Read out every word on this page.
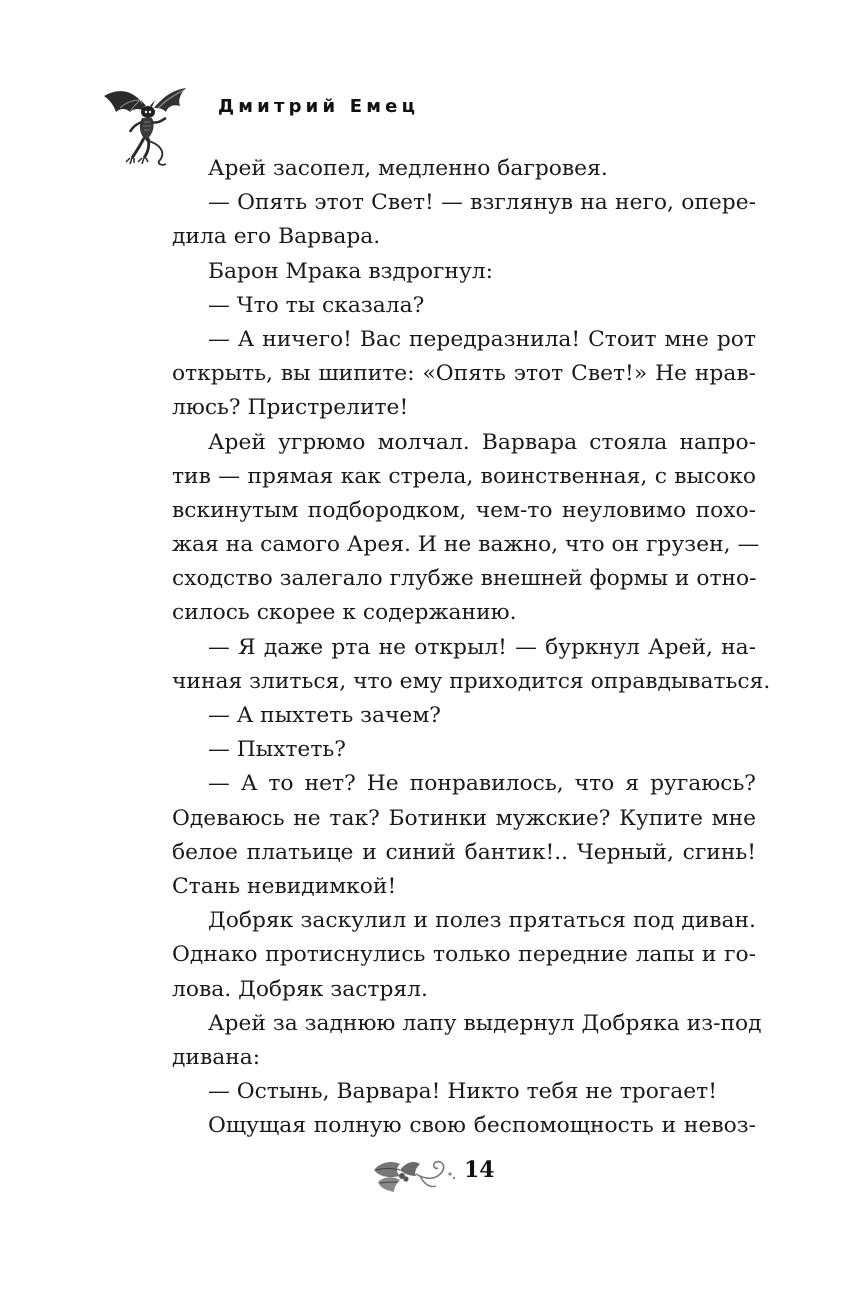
Дмитрий Емец
Арей засопел, медленно багровея.
— Опять этот Свет! — взглянув на него, опере-
дила его Варвара.
Барон Мрака вздрогнул:
— Что ты сказала?
— А ничего! Вас передразнила! Стоит мне рот
открыть, вы шипите: «Опять этот Свет!» Не нрав-
люсь? Пристрелите!
Арей угрюмо молчал. Варвара стояла напро-
тив — прямая как стрела, воинственная, с высоко
вскинутым подбородком, чем-то неуловимо похо-
жая на самого Арея. И не важно, что он грузен, —
сходство залегало глубже внешней формы и отно-
силось скорее к содержанию.
— Я даже рта не открыл! — буркнул Арей, на-
чиная злиться, что ему приходится оправдываться.
— А пыхтеть зачем?
— Пыхтеть?
— А то нет? Не понравилось, что я ругаюсь?
Одеваюсь не так? Ботинки мужские? Купите мне
белое платьице и синий бантик!.. Черный, сгинь!
Стань невидимкой!
Добряк заскулил и полез прятаться под диван.
Однако протиснулись только передние лапы и го-
лова. Добряк застрял.
Арей за заднюю лапу выдернул Добряка из-под
дивана:
— Остынь, Варвара! Никто тебя не трогает!
Ощущая полную свою беспомощность и невоз-
14
